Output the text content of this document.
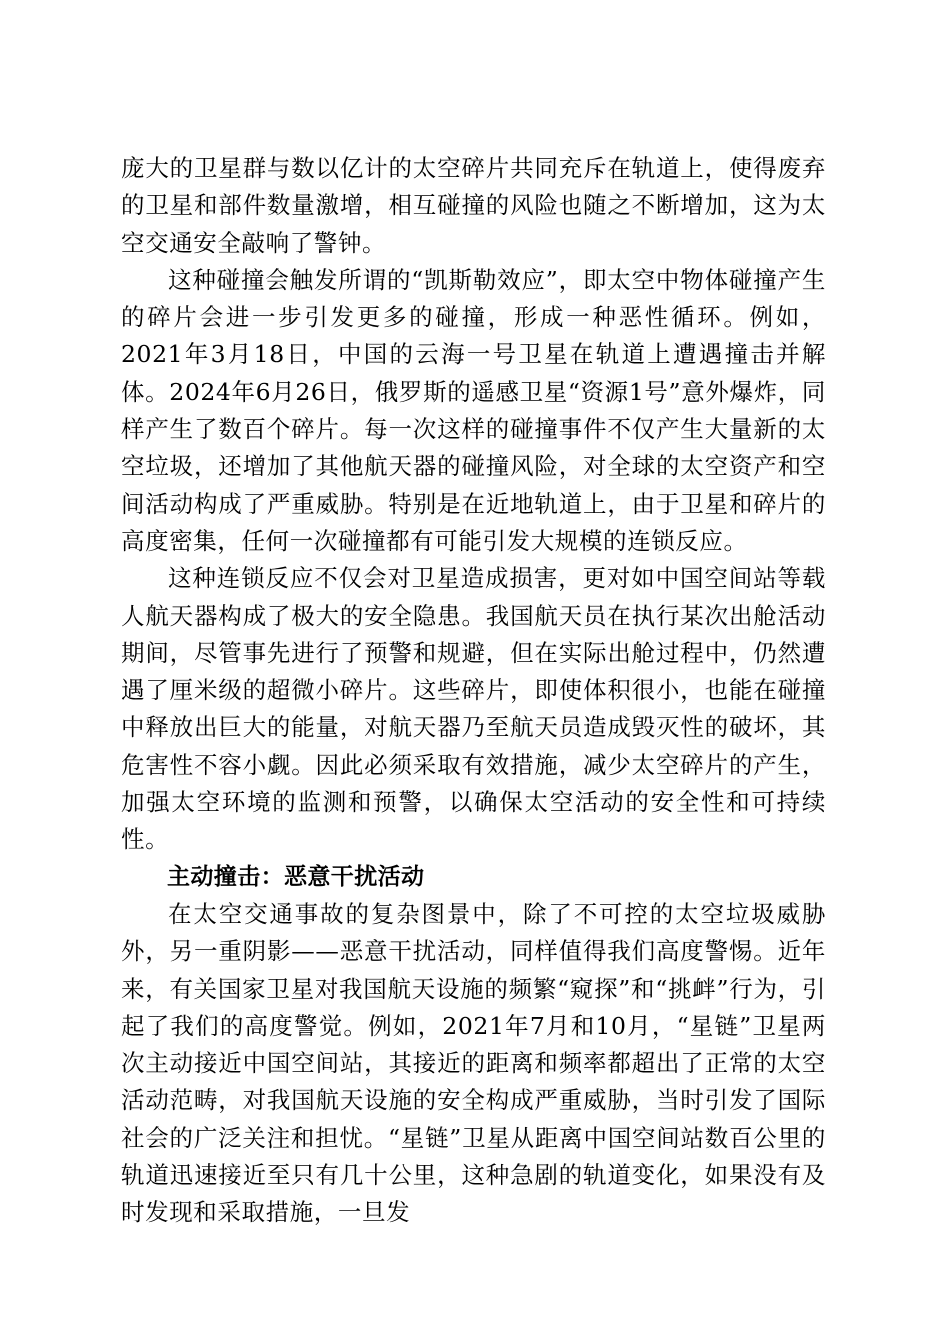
庞大的卫星群与数以亿计的太空碎片共同充斥在轨道上，使得废弃的卫星和部件数量激增，相互碰撞的风险也随之不断增加，这为太空交通安全敲响了警钟。

这种碰撞会触发所谓的“凯斯勒效应”，即太空中物体碰撞产生的碎片会进一步引发更多的碰撞，形成一种恶性循环。例如，2021年3月18日，中国的云海一号卫星在轨道上遭遇撞击并解体。2024年6月26日，俄罗斯的遥感卫星“资源1号”意外爆炸，同样产生了数百个碎片。每一次这样的碰撞事件不仅产生大量新的太空垃圾，还增加了其他航天器的碰撞风险，对全球的太空资产和空间活动构成了严重威胁。特别是在近地轨道上，由于卫星和碎片的高度密集，任何一次碰撞都有可能引发大规模的连锁反应。

这种连锁反应不仅会对卫星造成损害，更对如中国空间站等载人航天器构成了极大的安全隐患。我国航天员在执行某次出舱活动期间，尽管事先进行了预警和规避，但在实际出舱过程中，仍然遭遇了厘米级的超微小碎片。这些碎片，即使体积很小，也能在碰撞中释放出巨大的能量，对航天器乃至航天员造成毁灭性的破坏，其危害性不容小觑。因此必须采取有效措施，减少太空碎片的产生，加强太空环境的监测和预警，以确保太空活动的安全性和可持续性。

主动撞击：恶意干扰活动

在太空交通事故的复杂图景中，除了不可控的太空垃圾威胁外，另一重阴影——恶意干扰活动，同样值得我们高度警惕。近年来，有关国家卫星对我国航天设施的频繁“窥探”和“挑衅”行为，引起了我们的高度警觉。例如，2021年7月和10月，“星链”卫星两次主动接近中国空间站，其接近的距离和频率都超出了正常的太空活动范畴，对我国航天设施的安全构成严重威胁，当时引发了国际社会的广泛关注和担忧。“星链”卫星从距离中国空间站数百公里的轨道迅速接近至只有几十公里，这种急剧的轨道变化，如果没有及时发现和采取措施，一旦发
